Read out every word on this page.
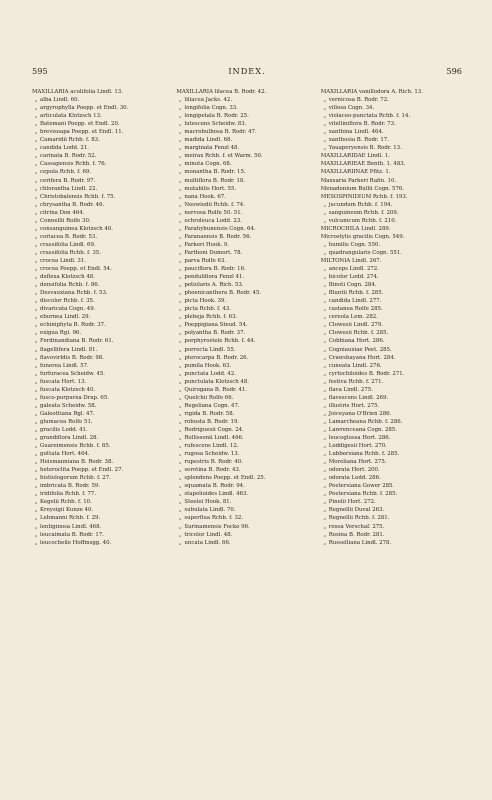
595	INDEX.	596
MAXILLARIA aculifolia Lindl. 13.
„ alba Lindl. 60.
„ argyrophylla Poepp. et Endl. 30.
„ articulata Klotzsch 13.
„ Batemani Poepp. et Endl. 20.
„ brevisoapa Poepp. et Endl. 11.
„ Camaridii Rchb. f. 83.
„ candida Lodd. 21.
„ carinata B. Rodr. 52.
„ Cassapensis Rchb. f. 76.
„ cepula Rchb. f. 69.
„ cerifera B. Rodr. 97.
„ chlorantha Lindl. 22.
„ Christobalensis Rchb. f. 75.
„ chrysantha B. Rodr. 46.
„ citrina Don 464.
„ Connellii Rolfe 30.
„ consanguinea Klotzsch 40.
„ coriacea B. Rodr. 53.
„ crassifolia Lindl. 69.
„ crassifolia Rchb. f. 35.
„ crocea Lindl. 31.
„ crocea Poepp. et Endl. 54.
„ deflexa Klotzsch 48.
„ densifolia Rchb. f. 86.
„ Desvauxiana Rchb. f. 53.
„ discolor Rchb. f. 35.
„ divaricata Cogn. 49.
„ eburnea Lindl. 29.
„ echiniphyta B. Rodr. 37.
„ exigua Rgl. 96.
„ Ferdinandiana B. Rodr. 61.
„ flagellifera Lindl. 81.
„ flavovirldis B. Rodr. 98.
„ funerea Lindl. 57.
„ furfuracea Scheidw. 45.
„ fuscata Hort. 13.
„ fuscata Klotzsch 40.
„ fusco-purpurea Drap. 65.
„ galeata Scheidw. 58.
„ Galeottiana Rgl. 47.
„ glumacea Rolfe 51.
„ gracilis Lodd. 41.
„ grandiflora Lindl. 28.
„ Guareimensis Rchb. f. 85.
„ guttata Hort. 464.
„ Heismanniana B. Rodr. 38.
„ heteroclita Poepp. et Endl. 27.
„ histiologorum Rchb. f. 27.
„ imbricata B. Rodr. 59.
„ iridifolia Rchb. f. 77.
„ Kegelii Rchb. f. 10.
„ Kreysigii Kunze 40.
„ Lehmanni Rchb. f. 29.
„ lentiginosa Lindl. 468.
„ leucaimata B. Rodr. 17.
„ leucocheile Hoffmsgg. 40.
MAXILLARIA lilacea B. Rodr. 42.
„ liliacea Jacks. 42.
„ longifolia Cogn. 33.
„ longipetala B. Rodr. 25.
„ lutescens Scheidw. 83.
„ macrobulbosa B. Rodr. 47.
„ madida Lindl. 68.
„ marginata Fenzl 48.
„ meirax Rchb. f. et Warm. 50.
„ minuta Cogn. 68.
„ monantha B. Rodr. 15.
„ multiflora B. Rodr. 18.
„ mutabilis Hort. 55.
„ nana Hook. 67.
„ Neowiedii Rchb. f. 74.
„ nervosa Rolfe 50. 51.
„ ochroleuca Lodd. 23.
„ Parahybunensis Cogn. 64.
„ Paranaensis B. Rodr. 56.
„ Parkeri Hook. 9.
„ Parthoni Dumort. 78.
„ parva Rolfe 63.
„ pauciflora B. Rodr. 16.
„ pendulifiora Fenzl 41.
„ petiolaris A. Rich. 53.
„ phoenicanthera B. Rodr. 45.
„ picta Hook. 39.
„ picta Rchb. f. 43.
„ plebeja Rchb. f. 63.
„ Poeppigiana Steud. 54.
„ polyantha B. Rodr. 37.
„ porphyrostele Rchb. f. 44.
„ porrecta Lindl. 55.
„ pterocarpa B. Rodr. 26.
„ pumila Hook. 63.
„ punctata Lodd. 42.
„ punctulata Klotzsch 48.
„ Quirogana B. Rodr. 41.
„ Quelchii Rolfe 66.
„ Regeliana Cogn. 47.
„ rigida B. Rodr. 58.
„ robusta B. Rodr. 19.
„ Rodriguesii Cogn. 24.
„ Rollissonii Lindl. 466.
„ rufescens Lindl. 12.
„ rugosa Scheidw. 13.
„ rupestris B. Rodr. 40.
„ serotina B. Rodr. 43.
„ splendens Poepp. et Endl. 25.
„ squamata B. Rodr. 94.
„ stapelioides Lindl. 463.
„ Steelei Hook. 81.
„ subulata Lindl. 70.
„ superflua Rchb. f. 32.
„ Surinamensis Focke 96.
„ tricolor Lindl. 48.
„ uncata Lindl. 66.
MAXILLARIA vanillodora A. Rich. 13.
„ vernicosa B. Rodr. 72.
„ villosa Cogn. 34.
„ violaceo-punctata Rchb. f. 14.
„ vitelliniflora B. Rodr. 73.
„ xanthina Lindl. 464.
„ xanthosia B. Rodr. 17.
„ Yauaperyensis B. Rodr. 13.
MAXILLARIDAE Lindl. 1.
MAXILLARIEAE Benth. 1. 483.
MAXILLARIINAE Pfitz. 1.
Maxxaria Parkeri Rafin. 10.
Menadenium Bullii Cogn. 576.
MESOSPINIDIUM Rchb. f. 193.
„ jucundum Rchb. f. 194.
„ sanguineum Rchb. f. 209.
„ vulcanicum Rchb. f. 210.
MICROCHILA Lindl. 289.
Microstylis gracilis Cogn. 549.
„ humilis Cogn. 550.
„ quadrangularis Cogn. 551.
MILTONIA Lindl. 267.
„ anceps Lindl. 272.
„ bicolor Lodd. 274.
„ Binoti Cogn. 284.
„ Bluntii Rchb. f. 285.
„ candida Lindl. 277.
„ castanea Rolfe 285.
„ cereola Lem. 282.
„ Clowesii Lindl. 279.
„ Clowesii Rchb. f. 285.
„ Cobbiana Hort. 286.
„ Cogniauxiae Peet. 285.
„ Crawshayana Hort. 284.
„ cuneata Lindl. 276.
„ cyrtochiloides B. Rodr. 271.
„ festiva Rchb. f. 271.
„ flava Lindl. 275.
„ flavescens Lindl. 269.
„ illustris Hort. 275.
„ Joiceyana O'Brien 286.
„ Lamarcheana Rchb. f. 286.
„ Lawrenceana Cogn. 285.
„ leucoglossa Hort. 286.
„ Loddigesii Hort. 270.
„ Lubbersiana Rchb. f. 285.
„ Moreliana Hort. 275.
„ odorata Hort. 200.
„ odorata Lodd. 286.
„ Peetersiana Gower 285.
„ Peetersiana Rchb. f. 285.
„ Pinelii Hort. 272.
„ Regnellii Duval 263.
„ Regnellii Rchb. f. 281.
„ rosea Verschaf. 275.
„ Rosina B. Rodr. 281.
„ Russelliana Lindl. 278.
